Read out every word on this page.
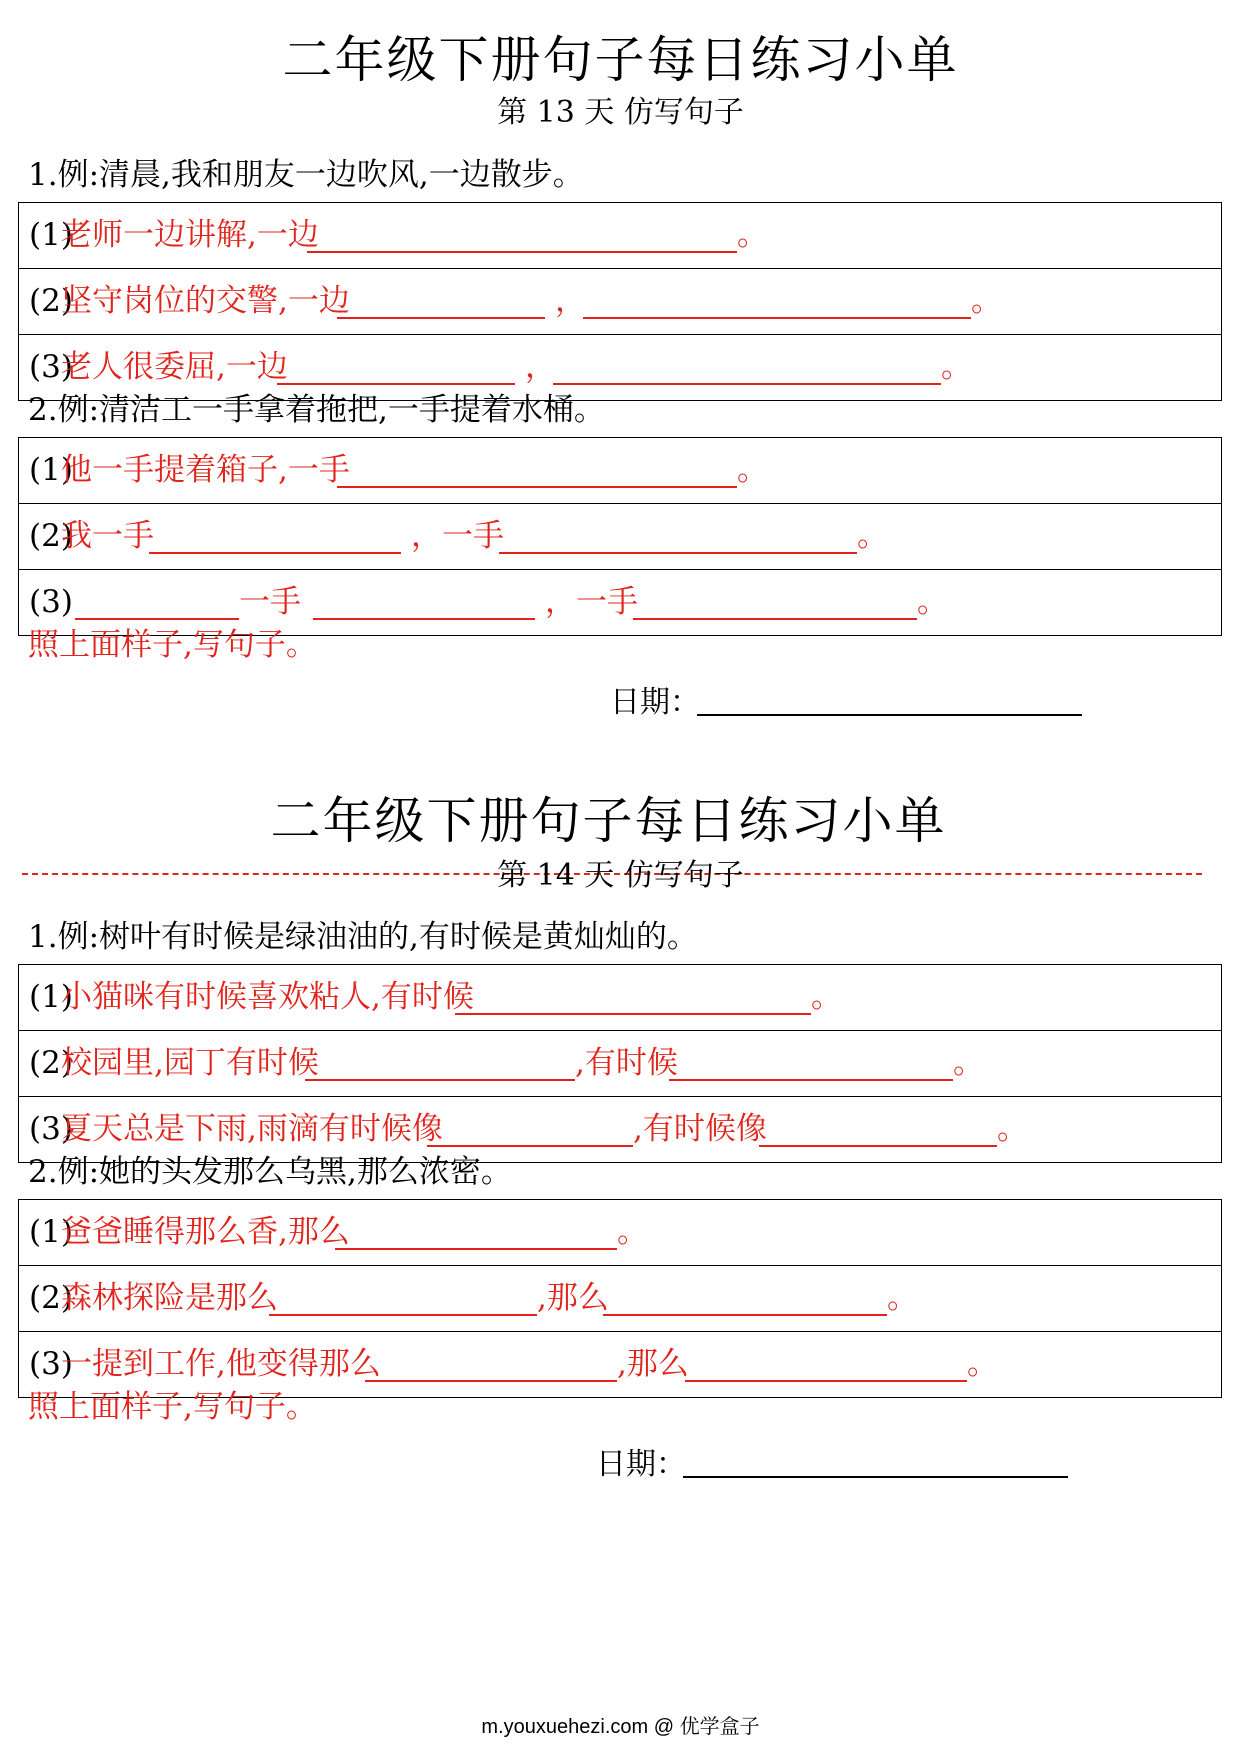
二年级下册句子每日练习小单
第 13 天 仿写句子
1.例:清晨,我和朋友一边吹风,一边散步。
(1)
老师一边讲解,一边	。
(2)
坚守岗位的交警,一边	，	。
(3)
老人很委屈,一边	，	。
2.例:清洁工一手拿着拖把,一手提着水桶。
(1)
他一手提着箱子,一手	。
(2)
我一手	，一手	。
(3)	一手	，一手	。
照上面样子,写句子。
日期：
二年级下册句子每日练习小单
第 14 天 仿写句子
1.例:树叶有时候是绿油油的,有时候是黄灿灿的。
(1)
小猫咪有时候喜欢粘人,有时候	。
(2)
校园里,园丁有时候	,有时候	。
(3)
夏天总是下雨,雨滴有时候像	,有时候像	。
2.例:她的头发那么乌黑,那么浓密。
(1)
爸爸睡得那么香,那么	。
(2)
森林探险是那么	,那么	。
(3)
一提到工作,他变得那么	,那么	。
照上面样子,写句子。
日期：
m.youxuehezi.com @ 优学盒子
